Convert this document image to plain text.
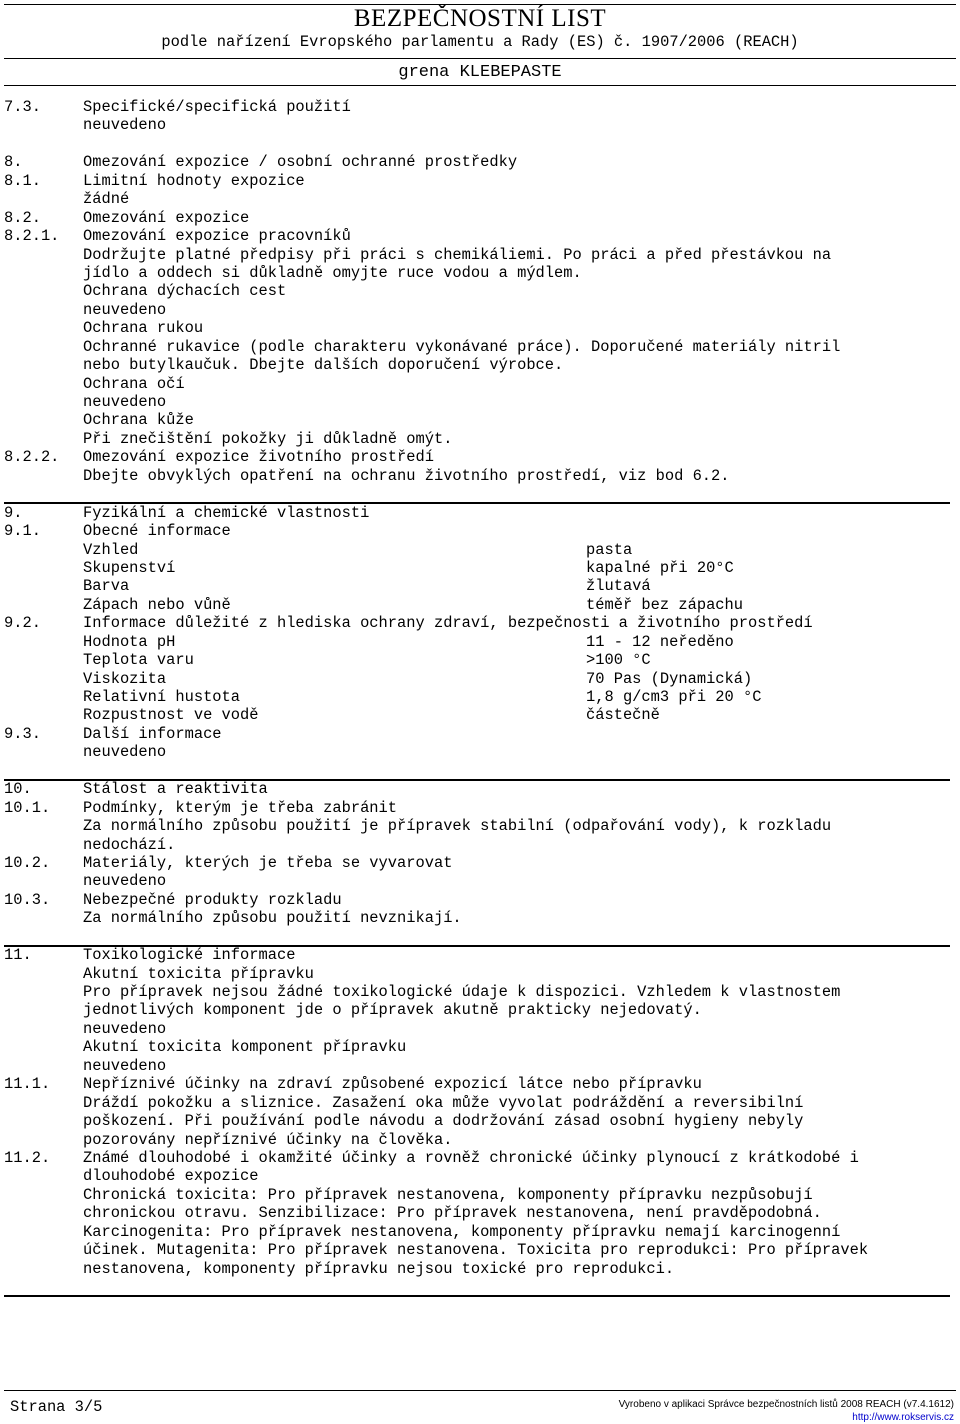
BEZPEČNOSTNÍ LIST
podle nařízení Evropského parlamentu a Rady (ES) č. 1907/2006 (REACH)
grena KLEBEPASTE
7.3.	Specifické/specifická použití
neuvedeno
8.	Omezování expozice / osobní ochranné prostředky
8.1.	Limitní hodnoty expozice
žádné
8.2.	Omezování expozice
8.2.1. Omezování expozice pracovníků
Dodržujte platné předpisy při práci s chemikáliemi. Po práci a před přestávkou na
jídlo a oddech si důkladně omyjte ruce vodou a mýdlem.
Ochrana dýchacích cest
neuvedeno
Ochrana rukou
Ochranné rukavice (podle charakteru vykonávané práce). Doporučené materiály nitril
nebo butylkaučuk. Dbejte dalších doporučení výrobce.
Ochrana očí
neuvedeno
Ochrana kůže
Při znečištění pokožky ji důkladně omýt.
8.2.2. Omezování expozice životního prostředí
Dbejte obvyklých opatření na ochranu životního prostředí, viz bod 6.2.
9.	Fyzikální a chemické vlastnosti
9.1.	Obecné informace
Vzhled	pasta
Skupenství	kapalné při 20°C
Barva	žlutavá
Zápach nebo vůně	téměř bez zápachu
9.2.	Informace důležité z hlediska ochrany zdraví, bezpečnosti a životního prostředí
Hodnota pH	11 - 12 neředěno
Teplota varu	>100 °C
Viskozita	70 Pas (Dynamická)
Relativní hustota	1,8 g/cm3 při 20 °C
Rozpustnost ve vodě	částečně
9.3.	Další informace
neuvedeno
10.	Stálost a reaktivita
10.1. Podmínky, kterým je třeba zabránit
Za normálního způsobu použití je přípravek stabilní (odpařování vody), k rozkladu
nedochází.
10.2. Materiály, kterých je třeba se vyvarovat
neuvedeno
10.3. Nebezpečné produkty rozkladu
Za normálního způsobu použití nevznikají.
11.	Toxikologické informace
Akutní toxicita přípravku
Pro přípravek nejsou žádné toxikologické údaje k dispozici. Vzhledem k vlastnostem
jednotlivých komponent jde o přípravek akutně prakticky nejedovatý.
neuvedeno
Akutní toxicita komponent přípravku
neuvedeno
11.1. Nepříznivé účinky na zdraví způsobené expozicí látce nebo přípravku
Dráždí pokožku a sliznice. Zasažení oka může vyvolat podráždění a reversibilní
poškození. Při používání podle návodu a dodržování zásad osobní hygieny nebyly
pozorovány nepříznivé účinky na člověka.
11.2. Známé dlouhodobé i okamžité účinky a rovněž chronické účinky plynoucí z krátkodobé i
dlouhodobé expozice
Chronická toxicita: Pro přípravek nestanovena, komponenty přípravku nezpůsobují
chronickou otravu. Senzibilizace: Pro přípravek nestanovena, není pravděpodobná.
Karcinogenita: Pro přípravek nestanovena, komponenty přípravku nemají karcinogenní
účinek. Mutagenita: Pro přípravek nestanovena. Toxicita pro reprodukci: Pro přípravek
nestanovena, komponenty přípravku nejsou toxické pro reprodukci.
Strana 3/5	Vyrobeno v aplikaci Správce bezpečnostních listů 2008 REACH (v7.4.1612)
http://www.rokservis.cz
